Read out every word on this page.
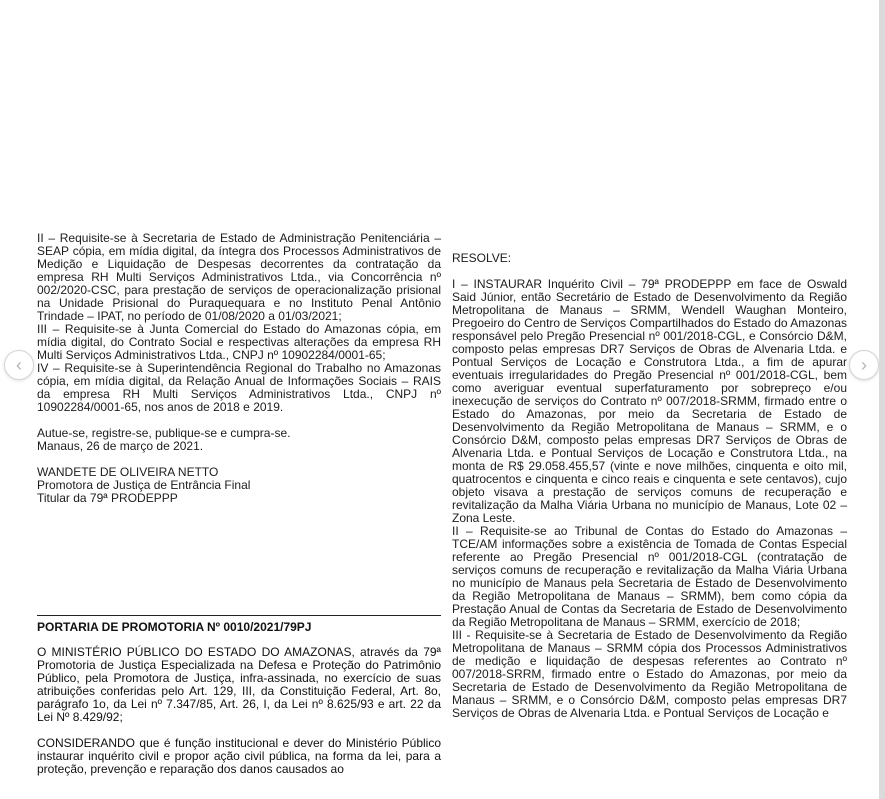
II – Requisite-se à Secretaria de Estado de Administração Penitenciária – SEAP cópia, em mídia digital, da íntegra dos Processos Administrativos de Medição e Liquidação de Despesas decorrentes da contratação da empresa RH Multi Serviços Administrativos Ltda., via Concorrência nº 002/2020-CSC, para prestação de serviços de operacionalização prisional na Unidade Prisional do Puraquequara e no Instituto Penal Antônio Trindade – IPAT, no período de 01/08/2020 a 01/03/2021;

III – Requisite-se à Junta Comercial do Estado do Amazonas cópia, em mídia digital, do Contrato Social e respectivas alterações da empresa RH Multi Serviços Administrativos Ltda., CNPJ nº 10902284/0001-65;

IV – Requisite-se à Superintendência Regional do Trabalho no Amazonas cópia, em mídia digital, da Relação Anual de Informações Sociais – RAIS da empresa RH Multi Serviços Administrativos Ltda., CNPJ nº 10902284/0001-65, nos anos de 2018 e 2019.

Autue-se, registre-se, publique-se e cumpra-se.

Manaus, 26 de março de 2021.

WANDETE DE OLIVEIRA NETTO

Promotora de Justiça de Entrância Final

Titular da 79ª PRODEPPP

PORTARIA DE PROMOTORIA Nº 0010/2021/79PJ

O MINISTÉRIO PÚBLICO DO ESTADO DO AMAZONAS, através da 79ª Promotoria de Justiça Especializada na Defesa e Proteção do Patrimônio Público, pela Promotora de Justiça, infra-assinada, no exercício de suas atribuições conferidas pelo Art. 129, III, da Constituição Federal, Art. 8o, parágrafo 1o, da Lei nº 7.347/85, Art. 26, I, da Lei nº 8.625/93 e art. 22 da Lei Nº 8.429/92;

CONSIDERANDO que é função institucional e dever do Ministério Público instaurar inquérito civil e propor ação civil pública, na forma da lei, para a proteção, prevenção e reparação dos danos causados ao

RESOLVE:

I – INSTAURAR Inquérito Civil – 79ª PRODEPPP em face de Oswald Said Júnior, então Secretário de Estado de Desenvolvimento da Região Metropolitana de Manaus – SRMM, Wendell Waughan Monteiro, Pregoeiro do Centro de Serviços Compartilhados do Estado do Amazonas responsável pelo Pregão Presencial nº 001/2018-CGL, e Consórcio D&M, composto pelas empresas DR7 Serviços de Obras de Alvenaria Ltda. e Pontual Serviços de Locação e Construtora Ltda., a fim de apurar eventuais irregularidades do Pregão Presencial nº 001/2018-CGL, bem como averiguar eventual superfaturamento por sobrepreço e/ou inexecução de serviços do Contrato nº 007/2018-SRMM, firmado entre o Estado do Amazonas, por meio da Secretaria de Estado de Desenvolvimento da Região Metropolitana de Manaus – SRMM, e o Consórcio D&M, composto pelas empresas DR7 Serviços de Obras de Alvenaria Ltda. e Pontual Serviços de Locação e Construtora Ltda., na monta de R$ 29.058.455,57 (vinte e nove milhões, cinquenta e oito mil, quatrocentos e cinquenta e cinco reais e cinquenta e sete centavos), cujo objeto visava a prestação de serviços comuns de recuperação e revitalização da Malha Viária Urbana no município de Manaus, Lote 02 – Zona Leste.

II – Requisite-se ao Tribunal de Contas do Estado do Amazonas – TCE/AM informações sobre a existência de Tomada de Contas Especial referente ao Pregão Presencial nº 001/2018-CGL (contratação de serviços comuns de recuperação e revitalização da Malha Viária Urbana no município de Manaus pela Secretaria de Estado de Desenvolvimento da Região Metropolitana de Manaus – SRMM), bem como cópia da Prestação Anual de Contas da Secretaria de Estado de Desenvolvimento da Região Metropolitana de Manaus – SRMM, exercício de 2018;

III - Requisite-se à Secretaria de Estado de Desenvolvimento da Região Metropolitana de Manaus – SRMM cópia dos Processos Administrativos de medição e liquidação de despesas referentes ao Contrato nº 007/2018-SRRM, firmado entre o Estado do Amazonas, por meio da Secretaria de Estado de Desenvolvimento da Região Metropolitana de Manaus – SRMM, e o Consórcio D&M, composto pelas empresas DR7 Serviços de Obras de Alvenaria Ltda. e Pontual Serviços de Locação e

‹	›
